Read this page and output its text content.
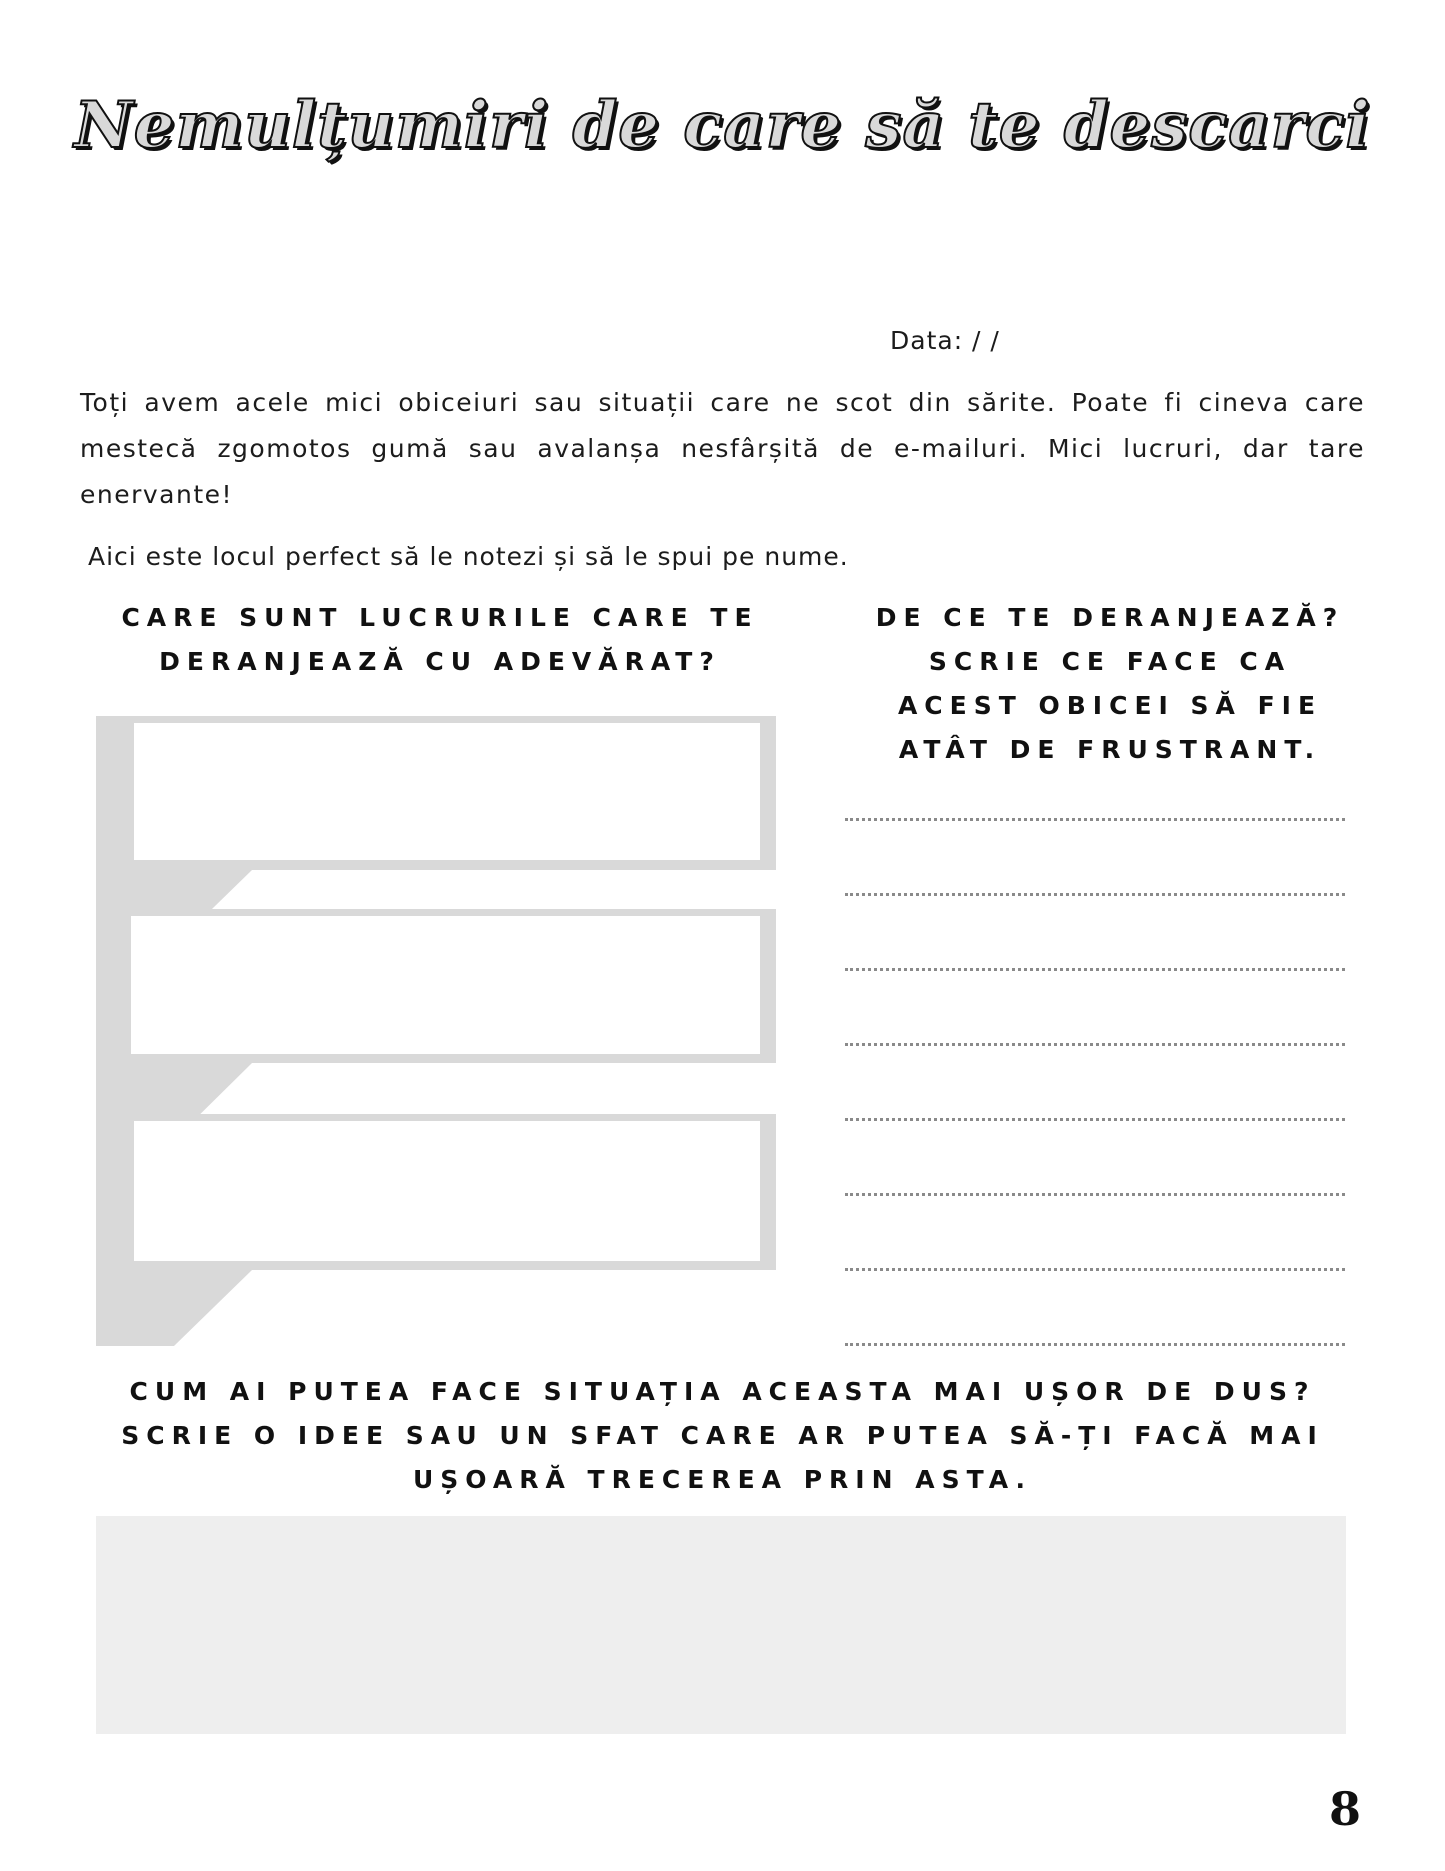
Nemulțumiri de care să te descarci
Data: / /

Toți avem acele mici obiceiuri sau situații care ne scot din sărite. Poate fi cineva care mestecă zgomotos gumă sau avalanșa nesfârșită de e-mailuri. Mici lucruri, dar tare enervante!

Aici este locul perfect să le notezi și să le spui pe nume.
CARE SUNT LUCRURILE CARE TE
DERANJEAZĂ CU ADEVĂRAT?
DE CE TE DERANJEAZĂ?
SCRIE CE FACE CA
ACEST OBICEI SĂ FIE
ATÂT DE FRUSTRANT.
CUM AI PUTEA FACE SITUAȚIA ACEASTA MAI UȘOR DE DUS?
SCRIE O IDEE SAU UN SFAT CARE AR PUTEA SĂ-ȚI FACĂ MAI
UȘOARĂ TRECEREA PRIN ASTA.
8
